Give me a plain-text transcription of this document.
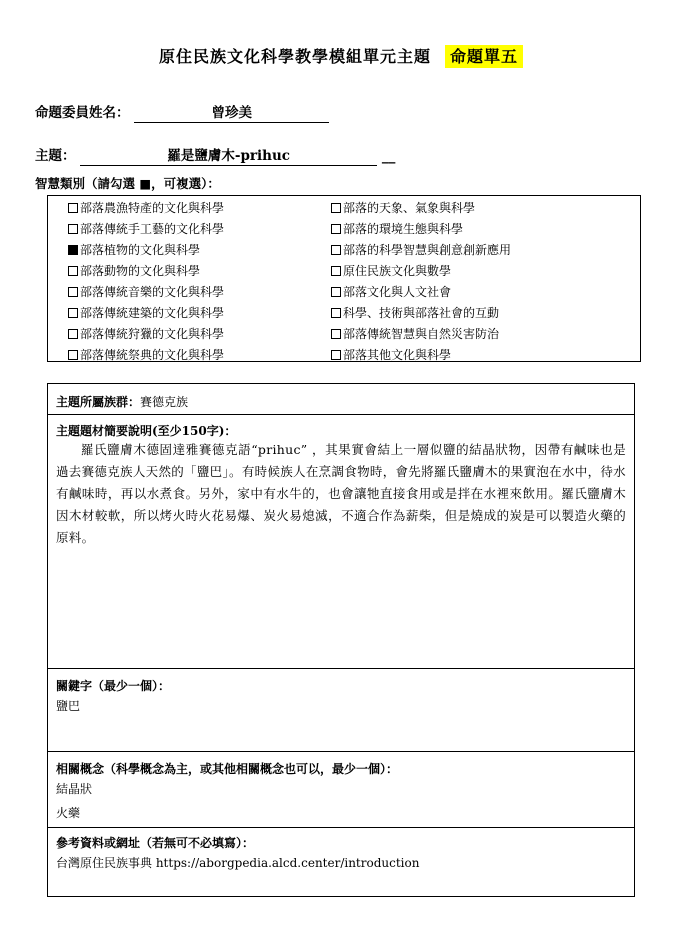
原住民族文化科學教學模組單元主題 命題單五
命題委員姓名：	曾珍美
主題：	羅是鹽膚木-prihuc	__
智慧類別（請勾選 ■，可複選）：
部落農漁特產的文化與科學
部落傳統手工藝的文化科學
部落植物的文化與科學
部落動物的文化與科學
部落傳統音樂的文化與科學
部落傳統建築的文化與科學
部落傳統狩獵的文化與科學
部落傳統祭典的文化與科學
部落的天象、氣象與科學
部落的環境生態與科學
部落的科學智慧與創意創新應用
原住民族文化與數學
部落文化與人文社會
科學、技術與部落社會的互動
部落傳統智慧與自然災害防治
部落其他文化與科學
主題所屬族群：賽德克族

主題題材簡要說明(至少150字)：

羅氏鹽膚木德固達雅賽德克語“prihuc” ，其果實會結上一層似鹽的結晶狀物，因帶有鹹味也是過去賽德克族人天然的「鹽巴」。有時候族人在烹調食物時，會先將羅氏鹽膚木的果實泡在水中，待水有鹹味時，再以水煮食。另外，家中有水牛的，也會讓牠直接食用或是拌在水裡來飲用。羅氏鹽膚木因木材較軟，所以烤火時火花易爆、炭火易熄滅，不適合作為薪柴，但是燒成的炭是可以製造火藥的原料。

關鍵字（最少一個）：

鹽巴

相關概念（科學概念為主，或其他相關概念也可以，最少一個）：

結晶狀

火藥

參考資料或網址（若無可不必填寫）：

台灣原住民族事典 https://aborgpedia.alcd.center/introduction
